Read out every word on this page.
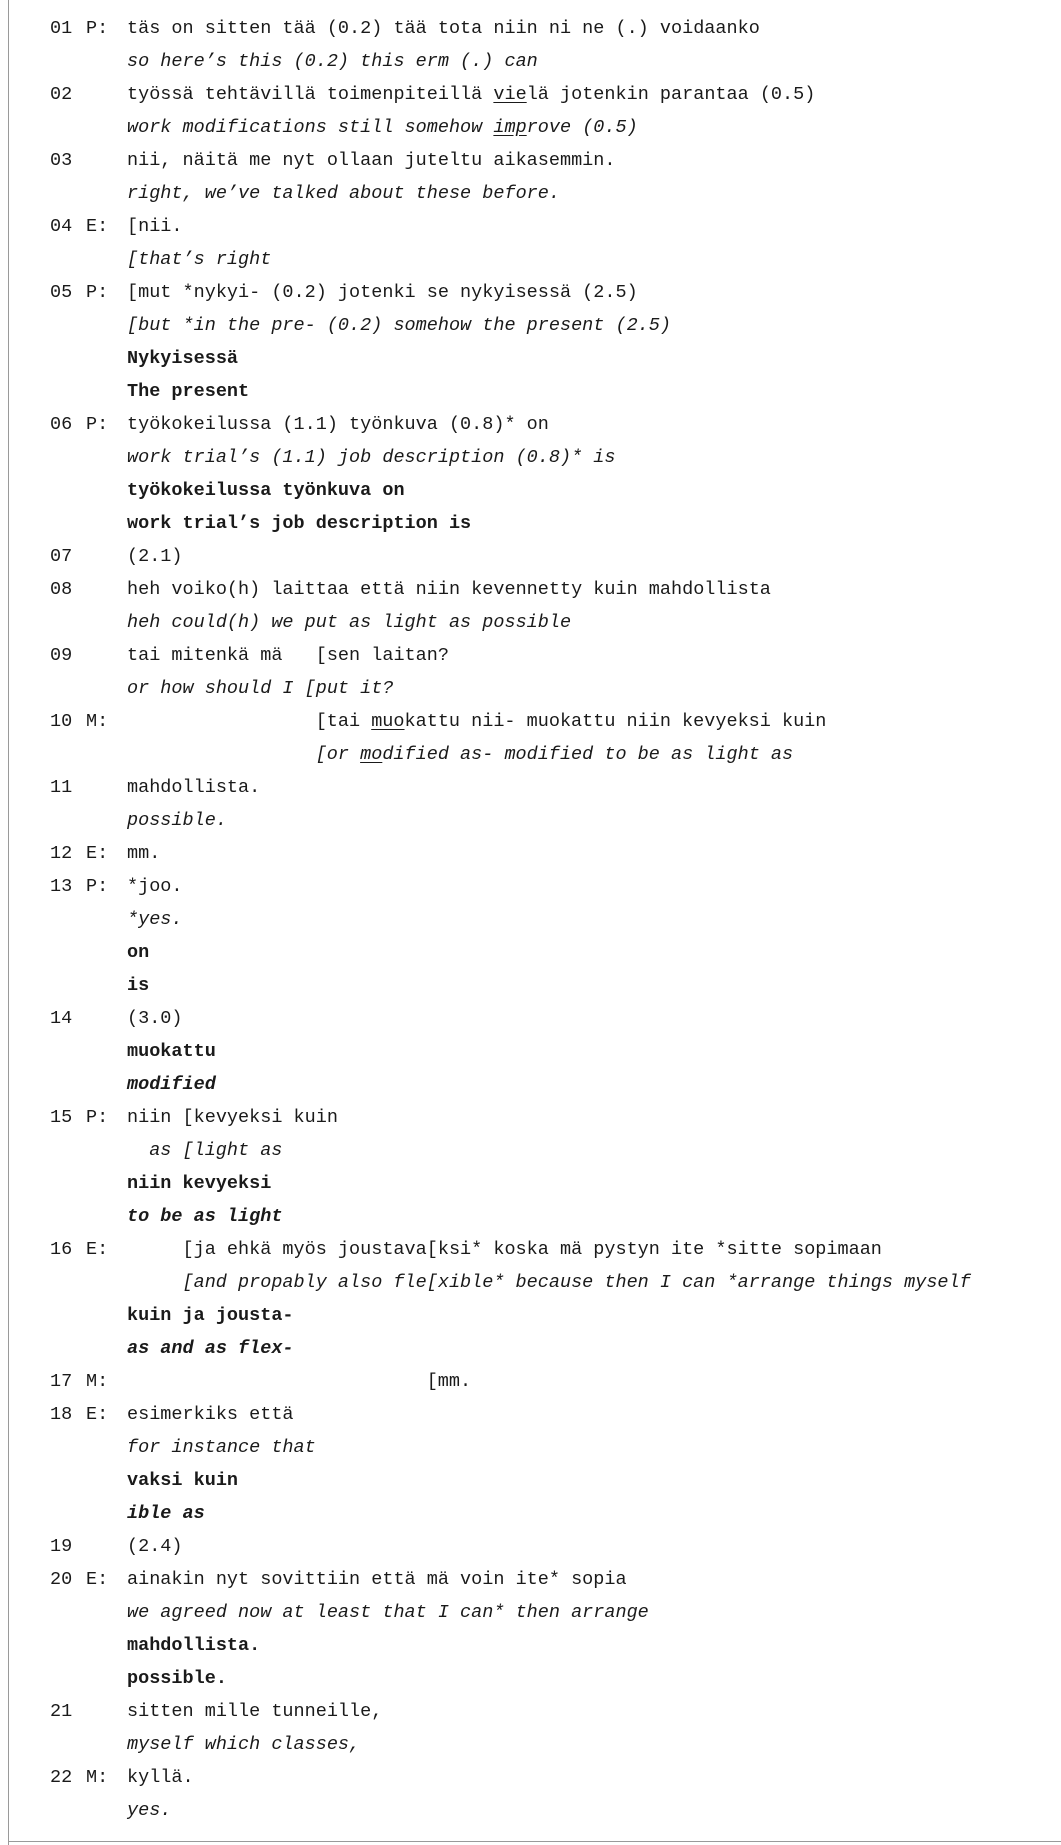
01 P: täs on sitten tää (0.2) tää tota niin ni ne (.) voidaanko
so here’s this (0.2) this erm (.) can
02	työssä tehtävillä toimenpiteillä vielä jotenkin parantaa (0.5)
work modifications still somehow improve (0.5)
03	nii, näitä me nyt ollaan juteltu aikasemmin.
right, we’ve talked about these before.
04 E: [nii.
[that’s right
05 P: [mut *nykyi- (0.2) jotenki se nykyisessä (2.5)
[but *in the pre- (0.2) somehow the present (2.5)
Nykyisessä
The present
06 P: työkokeilussa (1.1) työnkuva (0.8)* on
work trial’s (1.1) job description (0.8)* is
työkokeilussa työnkuva on
work trial’s job description is
07	(2.1)
08	heh voiko(h) laittaa että niin kevennetty kuin mahdollista
heh could(h) we put as light as possible
09	tai mitenkä mä   [sen laitan?
or how should I [put it?
10 M:	[tai muokattu nii- muokattu niin kevyeksi kuin
[or modified as- modified to be as light as
11	mahdollista.
possible.
12 E: mm.
13 P: *joo.
*yes.
on
is
14	(3.0)
muokattu
modified
15 P: niin [kevyeksi kuin
as [light as
niin kevyeksi
to be as light
16 E:	[ja ehkä myös joustava[ksi* koska mä pystyn ite *sitte sopimaan
[and propably also fle[xible* because then I can *arrange things myself
kuin ja jousta-
as and as flex-
17 M:	[mm.
18 E: esimerkiks että
for instance that
vaksi kuin
ible as
19	(2.4)
20 E: ainakin nyt sovittiin että mä voin ite* sopia
we agreed now at least that I can* then arrange
mahdollista.
possible.
21	sitten mille tunneille,
myself which classes,
22 M: kyllä.
yes.
